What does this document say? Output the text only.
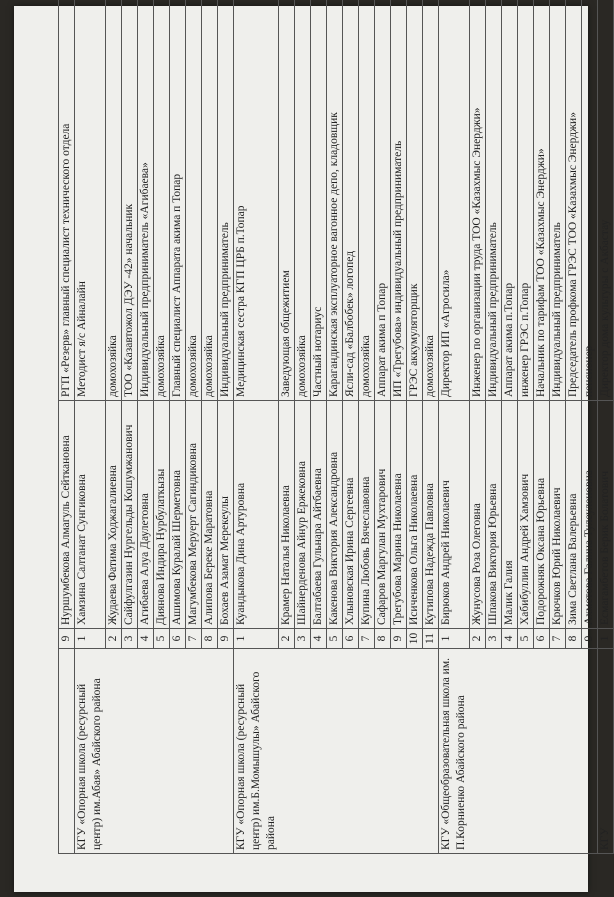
	9	Нуршумбекова Алмагуль Сейткановна	РГП «Резерв» главный специалист технического отдела
КГУ «Опорная школа (ресурсный центр) им.Абая» Абайского района	1	Хамзина Салтанат Сунгиковна	Методист я/с Айналайн
	2	Жудаева Фатима Ходжагалиевна	домохозяйка
	3	Сайфулгазин Нургельды Кошумжанович	ТОО «Казавтожол ДЭУ -42» начальник
	4	Агибаева Алуа Даулетовна	Индивидуальный предприниматель «Агибаева»
	5	Диянова Индира Нурбулаткызы	домохозяйка
	6	Ашимова Куралай Шерметовна	Главный специалист Аппарата акима п Топар
	7	Магумбекова Меруерт Сагиндиковна	домохозяйка
	8	Алипова Береке Маратовна	домохозяйка
	9	Бохаев Азамат Мерекеулы	Индивидуальный предприниматель
КГУ «Опорная школа (ресурсный центр) им.Б.Момышулы» Абайского района	1	Куандыкова Дина Артуровна	Медицинская сестра КГП ЦРБ п.Топар
	2	Крамер Наталья Николаевна	Заведующая общежитием
	3	Шайнерденова Айнур Ержековна	домохозяйка
	4	Балтабаева Гульнара Айтбаевна	Частный нотариус
	5	Какенова Виктория Александровна	Карагандинская эксплуаторное вагонное депо, кладовщик
	6	Хлыновская Ирина Сергеевна	Ясли-сад «Балбобек» логопед
	7	Купина Любовь Вячеславовна	домохозяйка
	8	Сафаров Маргулан Мухтарович	Аппарат акима п Топар
	9	Трегубова Марина Николаевна	ИП «Трегубова» индивидуальный предприниматель
	10	Исиченкова Ольга Николаевна	ГРЭС аккумуляторщик
	11	Кутипова Надежда Павловна	домохозяйка
КГУ «Общеобразовательная школа им. П.Корниенко Абайского района	1	Бирюков Андрей Николаевич	Директор ИП «Агросила»
	2	Жунусова Роза Олеговна	Инженер по организации труда ТОО «Казахмыс Энерджи»
	3	Шпакова Виктория Юрьевна	Индивидуальный предприниматель
	4	Малик Галия	Аппарат акима п.Топар
	5	Хабибуллин Андрей Хамзович	инженер ГРЭС п.Топар
	6	Подорожняк Оксана Юрьевна	Начальник по тарифам ТОО «Казахмыс Энерджи»
	7	Крючков Юрий Николаевич	Индивидуальный предприниматель
	8	Зима Светлана Валерьевна	Председатель профкома ГРЭС ТОО «Казахмыс Энерджи»
	9	Ахметова Галина Тулеуленовна	пенсионер
КГУ	1	Есмагамбетов Берик Болатович	Директор дома культуры с Акбастау
